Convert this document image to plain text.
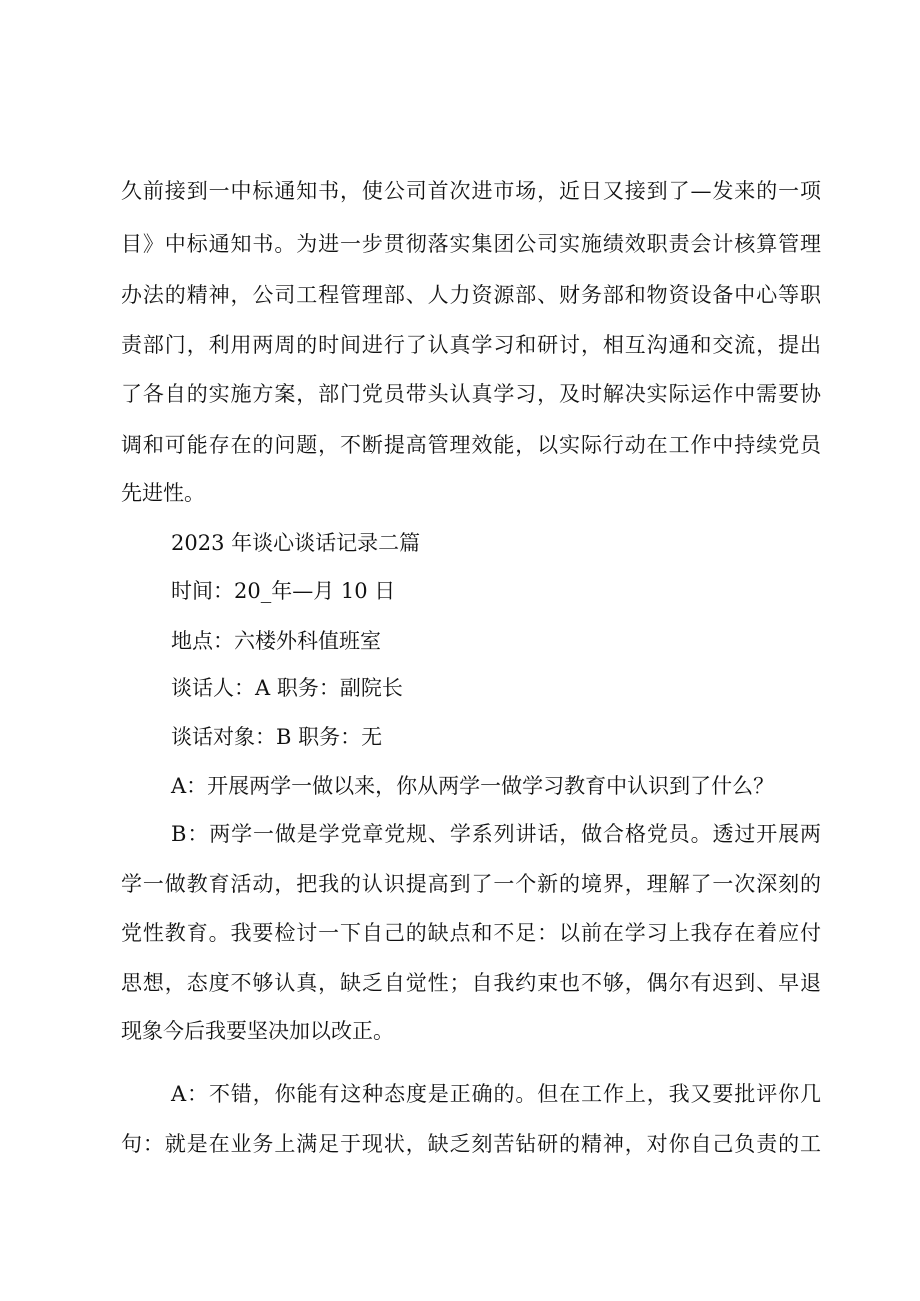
久前接到一中标通知书，使公司首次进市场，近日又接到了—发来的一项
目》中标通知书。为进一步贯彻落实集团公司实施绩效职责会计核算管理
办法的精神，公司工程管理部、人力资源部、财务部和物资设备中心等职
责部门，利用两周的时间进行了认真学习和研讨，相互沟通和交流，提出
了各自的实施方案，部门党员带头认真学习，及时解决实际运作中需要协
调和可能存在的问题，不断提高管理效能，以实际行动在工作中持续党员
先进性。
2023 年谈心谈话记录二篇
时间：20_年—月 10 日
地点：六楼外科值班室
谈话人：A 职务：副院长
谈话对象：B 职务：无
A：开展两学一做以来，你从两学一做学习教育中认识到了什么？
B：两学一做是学党章党规、学系列讲话，做合格党员。透过开展两
学一做教育活动，把我的认识提高到了一个新的境界，理解了一次深刻的
党性教育。我要检讨一下自己的缺点和不足：以前在学习上我存在着应付
思想，态度不够认真，缺乏自觉性；自我约束也不够，偶尔有迟到、早退
现象今后我要坚决加以改正。
A：不错，你能有这种态度是正确的。但在工作上，我又要批评你几
句：就是在业务上满足于现状，缺乏刻苦钻研的精神，对你自己负责的工
